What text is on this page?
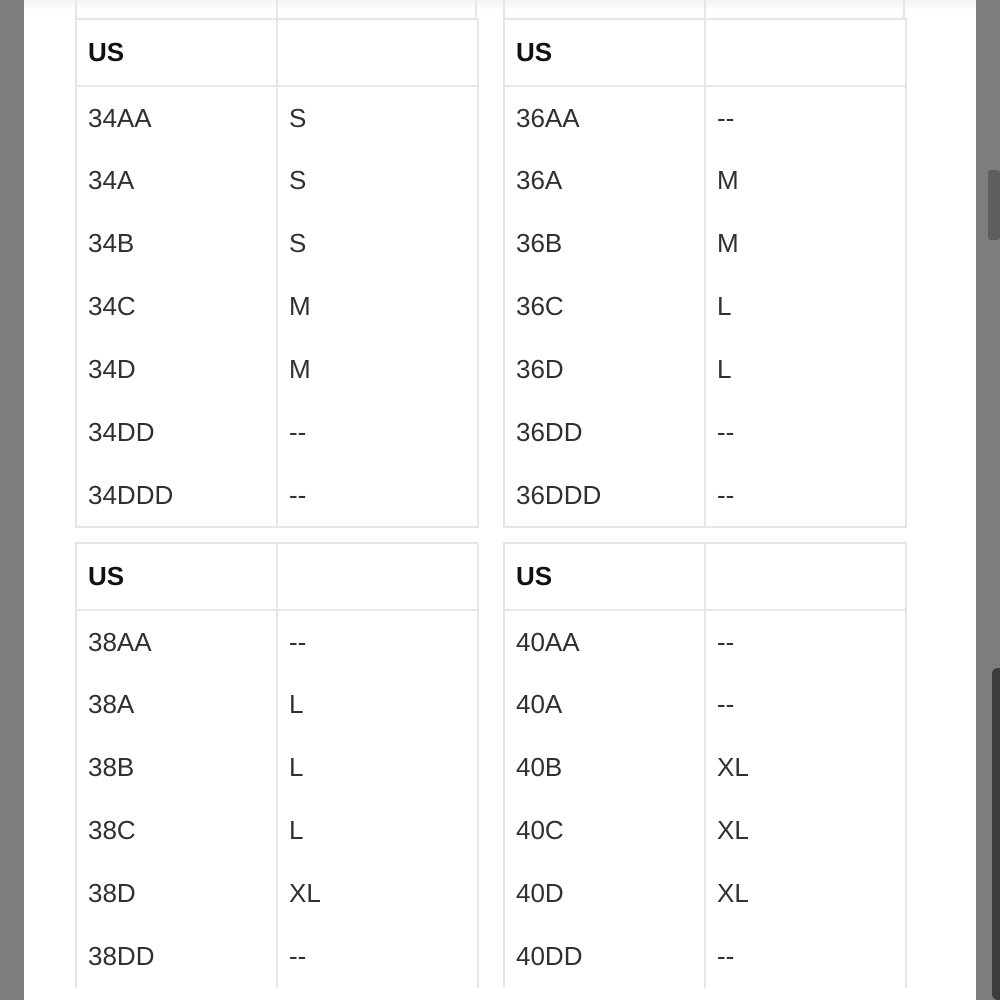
US	
34AA	S
34A	S
34B	S
34C	M
34D	M
34DD	--
34DDD	--
US	
36AA	--
36A	M
36B	M
36C	L
36D	L
36DD	--
36DDD	--
US	
38AA	--
38A	L
38B	L
38C	L
38D	XL
38DD	--
US	
40AA	--
40A	--
40B	XL
40C	XL
40D	XL
40DD	--
